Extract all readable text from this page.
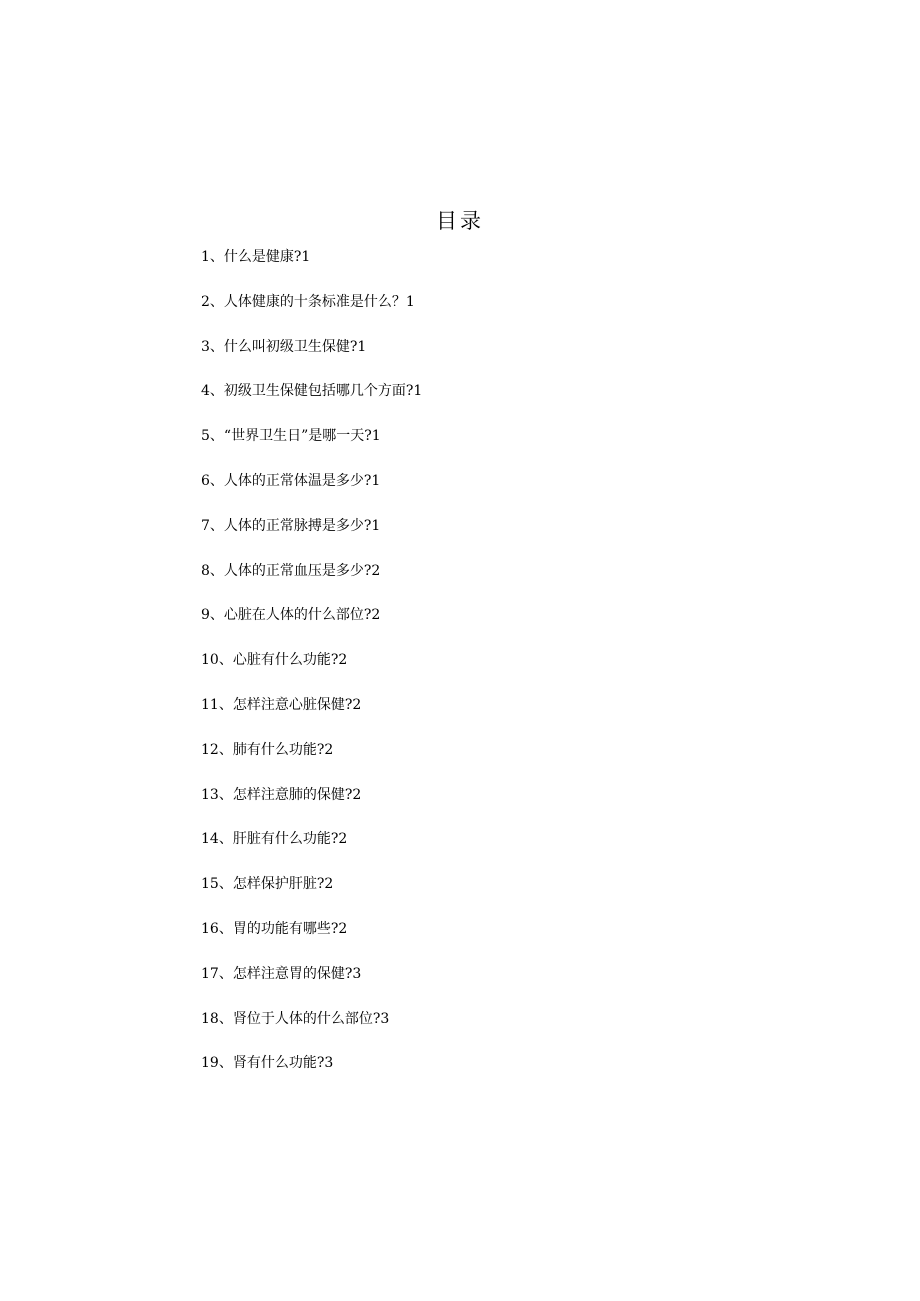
目录
1、什么是健康?1
2、人体健康的十条标准是什么？1
3、什么叫初级卫生保健?1
4、初级卫生保健包括哪几个方面?1
5、“世界卫生日”是哪一天?1
6、人体的正常体温是多少?1
7、人体的正常脉搏是多少?1
8、人体的正常血压是多少?2
9、心脏在人体的什么部位?2
10、心脏有什么功能?2
11、怎样注意心脏保健?2
12、肺有什么功能?2
13、怎样注意肺的保健?2
14、肝脏有什么功能?2
15、怎样保护肝脏?2
16、胃的功能有哪些?2
17、怎样注意胃的保健?3
18、肾位于人体的什么部位?3
19、肾有什么功能?3
